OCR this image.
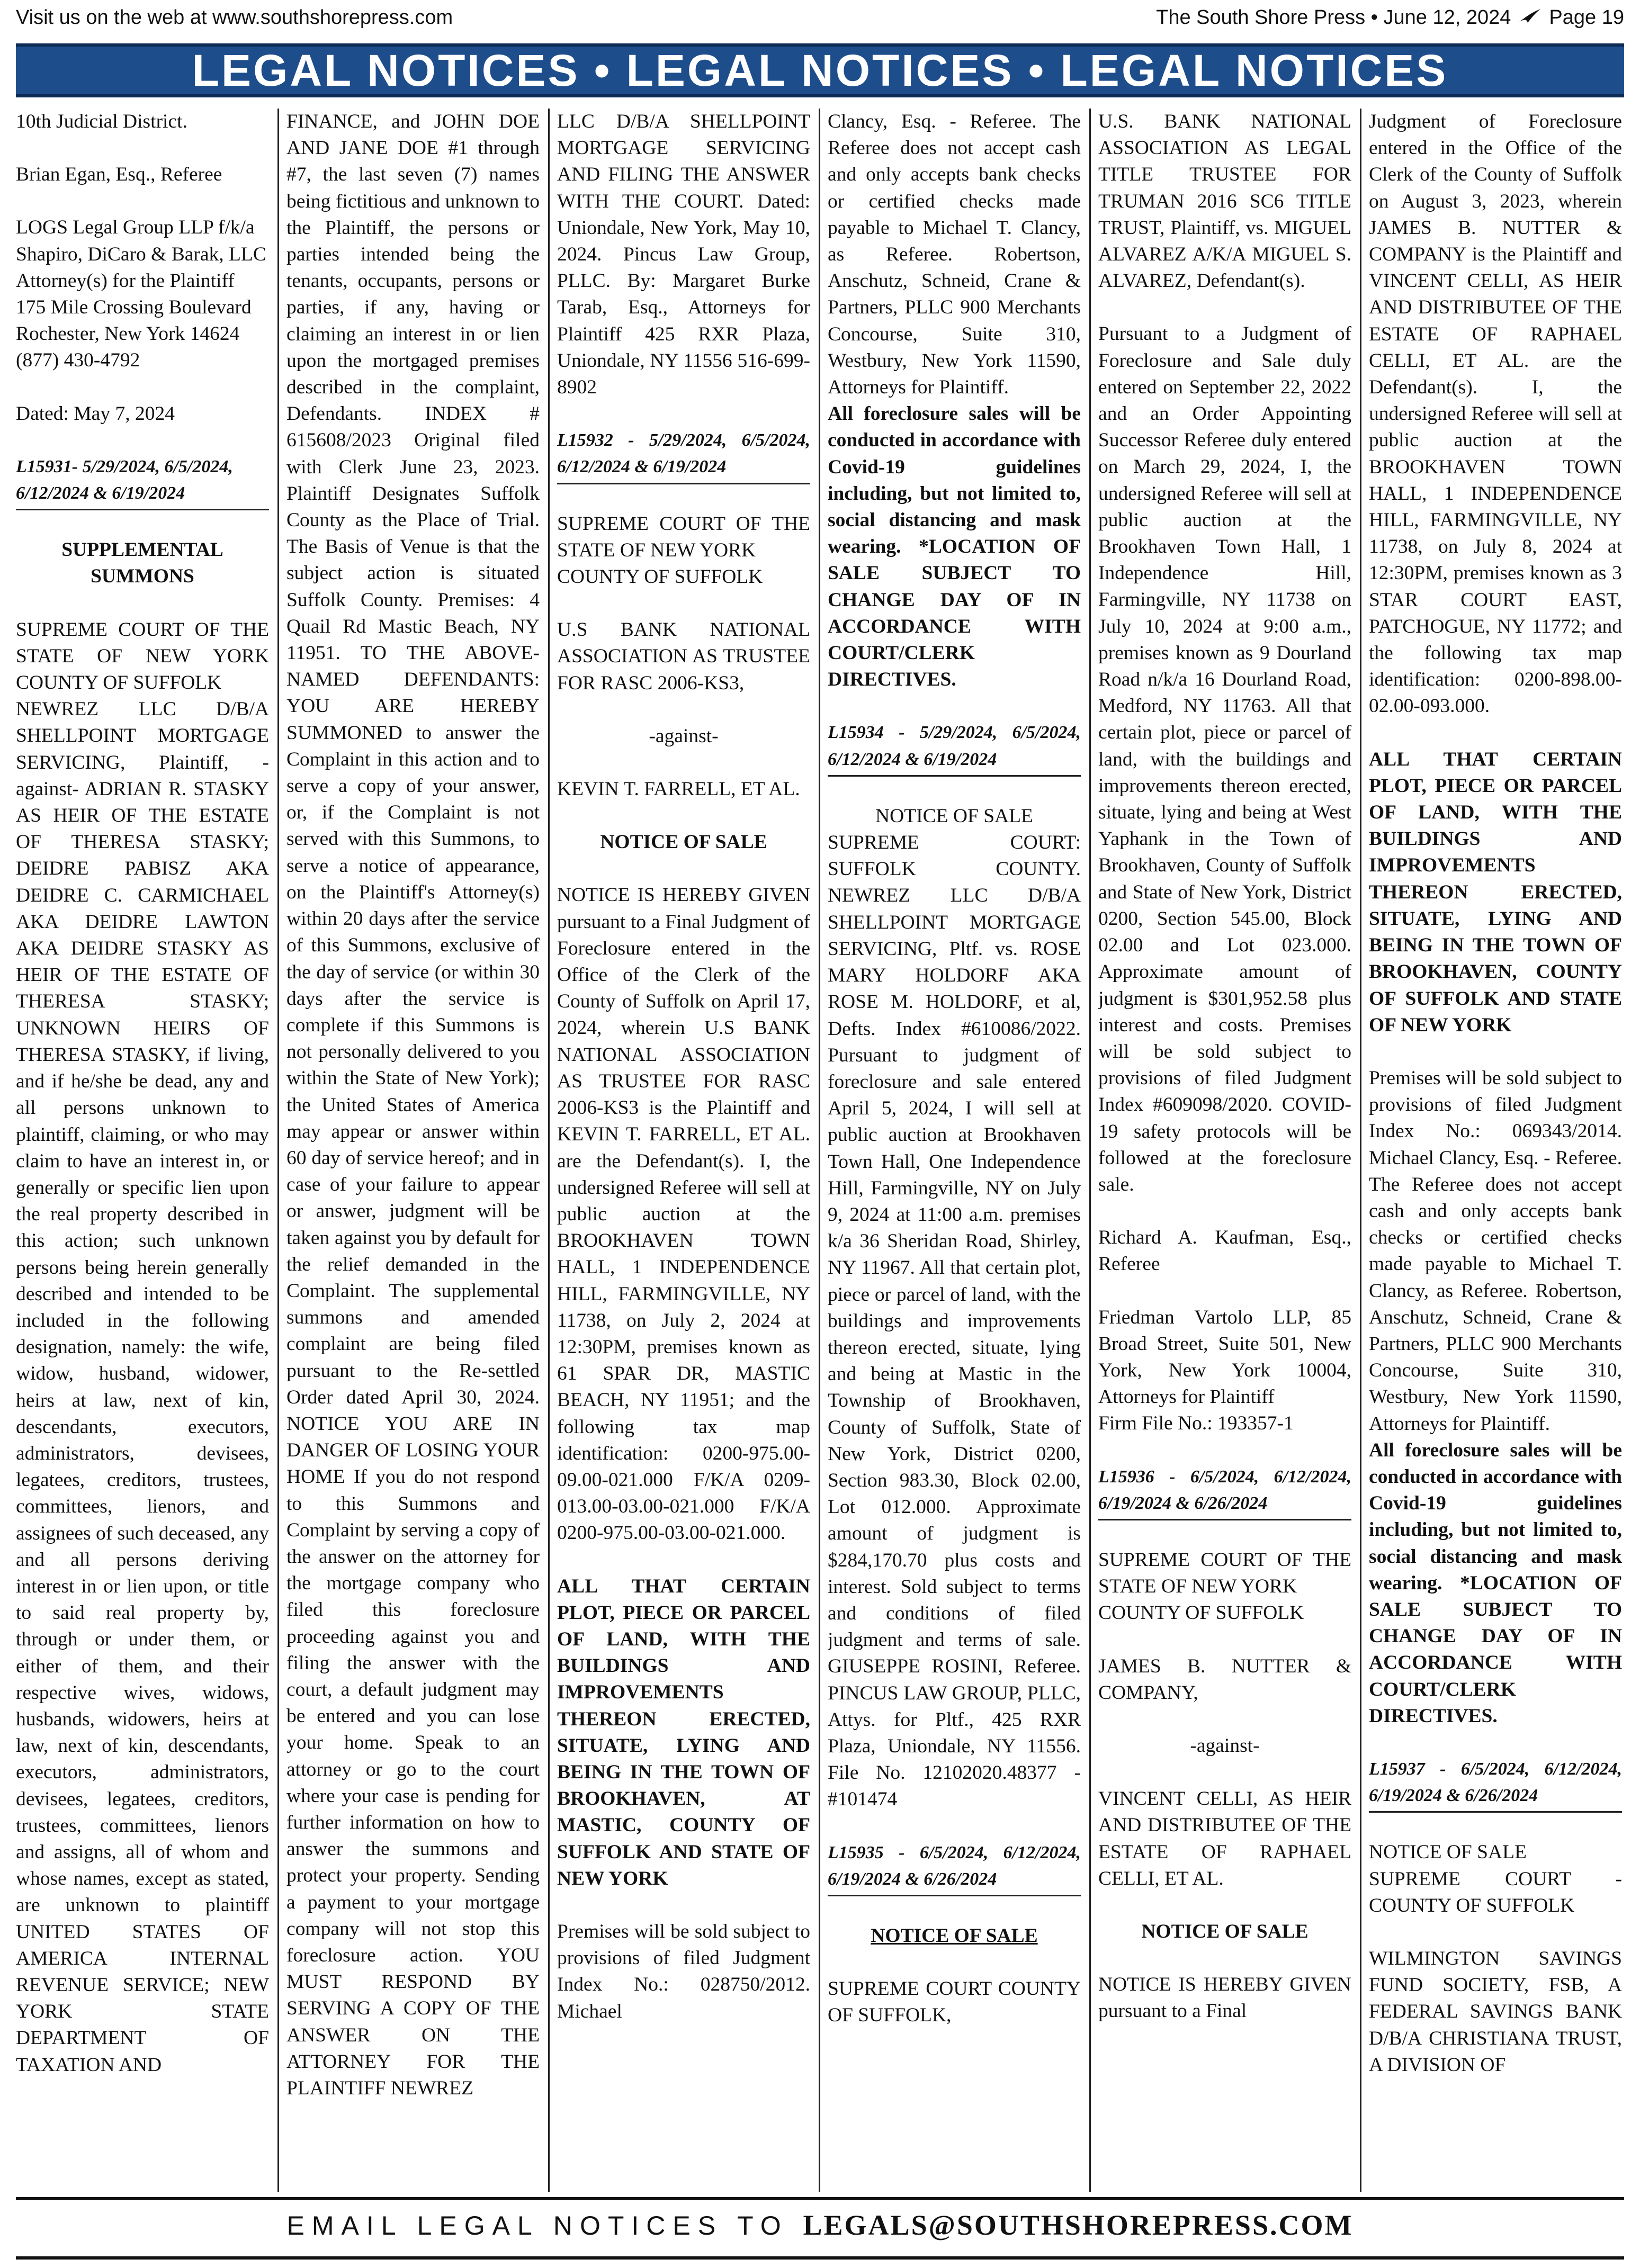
Visit us on the web at www.southshorepress.com	The South Shore Press • June 12, 2024 Page 19
LEGAL NOTICES • LEGAL NOTICES • LEGAL NOTICES

10th Judicial District.

Brian Egan, Esq., Referee

LOGS Legal Group LLP f/k/a Shapiro, DiCaro & Barak, LLC Attorney(s) for the Plaintiff 175 Mile Crossing Boulevard Rochester, New York 14624 (877) 430-4792

Dated: May 7, 2024

L15931- 5/29/2024, 6/5/2024, 6/12/2024 & 6/19/2024

SUPPLEMENTAL SUMMONS

SUPREME COURT OF THE STATE OF NEW YORK COUNTY OF SUFFOLK

NEWREZ LLC D/B/A SHELLPOINT MORTGAGE SERVICING, Plaintiff, -against- ADRIAN R. STASKY AS HEIR OF THE ESTATE OF THERESA STASKY; DEIDRE PABISZ AKA DEIDRE C. CARMICHAEL AKA DEIDRE LAWTON AKA DEIDRE STASKY AS HEIR OF THE ESTATE OF THERESA STASKY; UNKNOWN HEIRS OF THERESA STASKY, if living, and if he/she be dead, any and all persons unknown to plaintiff, claiming, or who may claim to have an interest in, or generally or specific lien upon the real property described in this action; such unknown persons being herein generally described and intended to be included in the following designation, namely: the wife, widow, husband, widower, heirs at law, next of kin, descendants, executors, administrators, devisees, legatees, creditors, trustees, committees, lienors, and assignees of such deceased, any and all persons deriving interest in or lien upon, or title to said real property by, through or under them, or either of them, and their respective wives, widows, husbands, widowers, heirs at law, next of kin, descendants, executors, administrators, devisees, legatees, creditors, trustees, committees, lienors and assigns, all of whom and whose names, except as stated, are unknown to plaintiff UNITED STATES OF AMERICA INTERNAL REVENUE SERVICE; NEW YORK STATE DEPARTMENT OF TAXATION AND

FINANCE, and JOHN DOE AND JANE DOE #1 through #7, the last seven (7) names being fictitious and unknown to the Plaintiff, the persons or parties intended being the tenants, occupants, persons or parties, if any, having or claiming an interest in or lien upon the mortgaged premises described in the complaint, Defendants. INDEX # 615608/2023 Original filed with Clerk June 23, 2023. Plaintiff Designates Suffolk County as the Place of Trial. The Basis of Venue is that the subject action is situated Suffolk County. Premises: 4 Quail Rd Mastic Beach, NY 11951. TO THE ABOVE-NAMED DEFENDANTS: YOU ARE HEREBY SUMMONED to answer the Complaint in this action and to serve a copy of your answer, or, if the Complaint is not served with this Summons, to serve a notice of appearance, on the Plaintiff's Attorney(s) within 20 days after the service of this Summons, exclusive of the day of service (or within 30 days after the service is complete if this Summons is not personally delivered to you within the State of New York); the United States of America may appear or answer within 60 day of service hereof; and in case of your failure to appear or answer, judgment will be taken against you by default for the relief demanded in the Complaint. The supplemental summons and amended complaint are being filed pursuant to the Re-settled Order dated April 30, 2024. NOTICE YOU ARE IN DANGER OF LOSING YOUR HOME If you do not respond to this Summons and Complaint by serving a copy of the answer on the attorney for the mortgage company who filed this foreclosure proceeding against you and filing the answer with the court, a default judgment may be entered and you can lose your home. Speak to an attorney or go to the court where your case is pending for further information on how to answer the summons and protect your property. Sending a payment to your mortgage company will not stop this foreclosure action. YOU MUST RESPOND BY SERVING A COPY OF THE ANSWER ON THE ATTORNEY FOR THE PLAINTIFF NEWREZ

LLC D/B/A SHELLPOINT MORTGAGE SERVICING AND FILING THE ANSWER WITH THE COURT. Dated: Uniondale, New York, May 10, 2024. Pincus Law Group, PLLC. By: Margaret Burke Tarab, Esq., Attorneys for Plaintiff 425 RXR Plaza, Uniondale, NY 11556 516-699-8902

L15932 - 5/29/2024, 6/5/2024, 6/12/2024 & 6/19/2024

SUPREME COURT OF THE STATE OF NEW YORK

COUNTY OF SUFFOLK

U.S BANK NATIONAL ASSOCIATION AS TRUSTEE FOR RASC 2006-KS3,

-against-

KEVIN T. FARRELL, ET AL.

NOTICE OF SALE

NOTICE IS HEREBY GIVEN pursuant to a Final Judgment of Foreclosure entered in the Office of the Clerk of the County of Suffolk on April 17, 2024, wherein U.S BANK NATIONAL ASSOCIATION AS TRUSTEE FOR RASC 2006-KS3 is the Plaintiff and KEVIN T. FARRELL, ET AL. are the Defendant(s). I, the undersigned Referee will sell at public auction at the BROOKHAVEN TOWN HALL, 1 INDEPENDENCE HILL, FARMINGVILLE, NY 11738, on July 2, 2024 at 12:30PM, premises known as 61 SPAR DR, MASTIC BEACH, NY 11951; and the following tax map identification: 0200-975.00-09.00-021.000 F/K/A 0209-013.00-03.00-021.000 F/K/A 0200-975.00-03.00-021.000.

ALL THAT CERTAIN PLOT, PIECE OR PARCEL OF LAND, WITH THE BUILDINGS AND IMPROVEMENTS THEREON ERECTED, SITUATE, LYING AND BEING IN THE TOWN OF BROOKHAVEN, AT MASTIC, COUNTY OF SUFFOLK AND STATE OF NEW YORK

Premises will be sold subject to provisions of filed Judgment Index No.: 028750/2012. Michael

Clancy, Esq. - Referee. The Referee does not accept cash and only accepts bank checks or certified checks made payable to Michael T. Clancy, as Referee. Robertson, Anschutz, Schneid, Crane & Partners, PLLC 900 Merchants Concourse, Suite 310, Westbury, New York 11590, Attorneys for Plaintiff.

All foreclosure sales will be conducted in accordance with Covid-19 guidelines including, but not limited to, social distancing and mask wearing. *LOCATION OF SALE SUBJECT TO CHANGE DAY OF IN ACCORDANCE WITH COURT/CLERK DIRECTIVES.

L15934 - 5/29/2024, 6/5/2024, 6/12/2024 & 6/19/2024

NOTICE OF SALE

SUPREME COURT: SUFFOLK COUNTY. NEWREZ LLC D/B/A SHELLPOINT MORTGAGE SERVICING, Pltf. vs. ROSE MARY HOLDORF AKA ROSE M. HOLDORF, et al, Defts. Index #610086/2022. Pursuant to judgment of foreclosure and sale entered April 5, 2024, I will sell at public auction at Brookhaven Town Hall, One Independence Hill, Farmingville, NY on July 9, 2024 at 11:00 a.m. premises k/a 36 Sheridan Road, Shirley, NY 11967. All that certain plot, piece or parcel of land, with the buildings and improvements thereon erected, situate, lying and being at Mastic in the Township of Brookhaven, County of Suffolk, State of New York, District 0200, Section 983.30, Block 02.00, Lot 012.000. Approximate amount of judgment is $284,170.70 plus costs and interest. Sold subject to terms and conditions of filed judgment and terms of sale. GIUSEPPE ROSINI, Referee. PINCUS LAW GROUP, PLLC, Attys. for Pltf., 425 RXR Plaza, Uniondale, NY 11556. File No. 12102020.48377 - #101474

L15935 - 6/5/2024, 6/12/2024, 6/19/2024 & 6/26/2024

NOTICE OF SALE

SUPREME COURT COUNTY OF SUFFOLK,

U.S. BANK NATIONAL ASSOCIATION AS LEGAL TITLE TRUSTEE FOR TRUMAN 2016 SC6 TITLE TRUST, Plaintiff, vs. MIGUEL ALVAREZ A/K/A MIGUEL S. ALVAREZ, Defendant(s).

Pursuant to a Judgment of Foreclosure and Sale duly entered on September 22, 2022 and an Order Appointing Successor Referee duly entered on March 29, 2024, I, the undersigned Referee will sell at public auction at the Brookhaven Town Hall, 1 Independence Hill, Farmingville, NY 11738 on July 10, 2024 at 9:00 a.m., premises known as 9 Dourland Road n/k/a 16 Dourland Road, Medford, NY 11763. All that certain plot, piece or parcel of land, with the buildings and improvements thereon erected, situate, lying and being at West Yaphank in the Town of Brookhaven, County of Suffolk and State of New York, District 0200, Section 545.00, Block 02.00 and Lot 023.000. Approximate amount of judgment is $301,952.58 plus interest and costs. Premises will be sold subject to provisions of filed Judgment Index #609098/2020. COVID-19 safety protocols will be followed at the foreclosure sale.

Richard A. Kaufman, Esq., Referee

Friedman Vartolo LLP, 85 Broad Street, Suite 501, New York, New York 10004, Attorneys for Plaintiff

Firm File No.: 193357-1

L15936 - 6/5/2024, 6/12/2024, 6/19/2024 & 6/26/2024

SUPREME COURT OF THE STATE OF NEW YORK

COUNTY OF SUFFOLK

JAMES B. NUTTER & COMPANY,

-against-

VINCENT CELLI, AS HEIR AND DISTRIBUTEE OF THE ESTATE OF RAPHAEL CELLI, ET AL.

NOTICE OF SALE

NOTICE IS HEREBY GIVEN pursuant to a Final

Judgment of Foreclosure entered in the Office of the Clerk of the County of Suffolk on August 3, 2023, wherein JAMES B. NUTTER & COMPANY is the Plaintiff and VINCENT CELLI, AS HEIR AND DISTRIBUTEE OF THE ESTATE OF RAPHAEL CELLI, ET AL. are the Defendant(s). I, the undersigned Referee will sell at public auction at the BROOKHAVEN TOWN HALL, 1 INDEPENDENCE HILL, FARMINGVILLE, NY 11738, on July 8, 2024 at 12:30PM, premises known as 3 STAR COURT EAST, PATCHOGUE, NY 11772; and the following tax map identification: 0200-898.00-02.00-093.000.

ALL THAT CERTAIN PLOT, PIECE OR PARCEL OF LAND, WITH THE BUILDINGS AND IMPROVEMENTS THEREON ERECTED, SITUATE, LYING AND BEING IN THE TOWN OF BROOKHAVEN, COUNTY OF SUFFOLK AND STATE OF NEW YORK

Premises will be sold subject to provisions of filed Judgment Index No.: 069343/2014. Michael Clancy, Esq. - Referee. The Referee does not accept cash and only accepts bank checks or certified checks made payable to Michael T. Clancy, as Referee. Robertson, Anschutz, Schneid, Crane & Partners, PLLC 900 Merchants Concourse, Suite 310, Westbury, New York 11590, Attorneys for Plaintiff.

All foreclosure sales will be conducted in accordance with Covid-19 guidelines including, but not limited to, social distancing and mask wearing. *LOCATION OF SALE SUBJECT TO CHANGE DAY OF IN ACCORDANCE WITH COURT/CLERK DIRECTIVES.

L15937 - 6/5/2024, 6/12/2024, 6/19/2024 & 6/26/2024

NOTICE OF SALE

SUPREME COURT - COUNTY OF SUFFOLK

WILMINGTON SAVINGS FUND SOCIETY, FSB, A FEDERAL SAVINGS BANK D/B/A CHRISTIANA TRUST, A DIVISION OF

EMAIL LEGAL NOTICES TO LEGALS@SOUTHSHOREPRESS.COM
